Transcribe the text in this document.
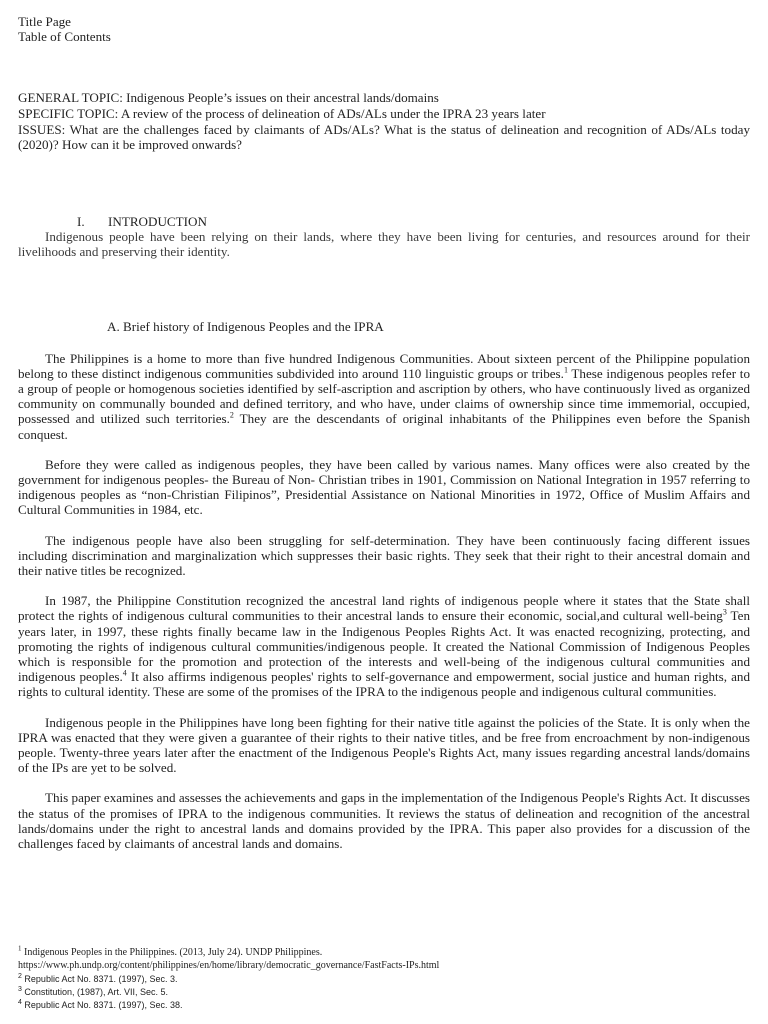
Title Page
Table of Contents
GENERAL TOPIC: Indigenous People’s issues on their ancestral lands/domains
SPECIFIC TOPIC: A review of the process of delineation of ADs/ALs under the IPRA 23 years later
ISSUES: What are the challenges faced by claimants of ADs/ALs? What is the status of delineation and recognition of ADs/ALs today (2020)? How can it be improved onwards?
I. INTRODUCTION

Indigenous people have been relying on their lands, where they have been living for centuries, and resources around for their livelihoods and preserving their identity.

A. Brief history of Indigenous Peoples and the IPRA

The Philippines is a home to more than five hundred Indigenous Communities. About sixteen percent of the Philippine population belong to these distinct indigenous communities subdivided into around 110 linguistic groups or tribes.$^1$ These indigenous peoples refer to a group of people or homogenous societies identified by self-ascription and ascription by others, who have continuously lived as organized community on communally bounded and defined territory, and who have, under claims of ownership since time immemorial, occupied, possessed and utilized such territories.$^2$ They are the descendants of original inhabitants of the Philippines even before the Spanish conquest.

Before they were called as indigenous peoples, they have been called by various names. Many offices were also created by the government for indigenous peoples- the Bureau of Non- Christian tribes in 1901, Commission on National Integration in 1957 referring to indigenous peoples as “non-Christian Filipinos”, Presidential Assistance on National Minorities in 1972, Office of Muslim Affairs and Cultural Communities in 1984, etc.

The indigenous people have also been struggling for self-determination. They have been continuously facing different issues including discrimination and marginalization which suppresses their basic rights. They seek that their right to their ancestral domain and their native titles be recognized.

In 1987, the Philippine Constitution recognized the ancestral land rights of indigenous people where it states that the State shall protect the rights of indigenous cultural communities to their ancestral lands to ensure their economic, social,and cultural well-being$^3$ Ten years later, in 1997, these rights finally became law in the Indigenous Peoples Rights Act. It was enacted recognizing, protecting, and promoting the rights of indigenous cultural communities/indigenous people. It created the National Commission of Indigenous Peoples which is responsible for the promotion and protection of the interests and well-being of the indigenous cultural communities and indigenous peoples.$^4$ It also affirms indigenous peoples' rights to self-governance and empowerment, social justice and human rights, and rights to cultural identity. These are some of the promises of the IPRA to the indigenous people and indigenous cultural communities.

Indigenous people in the Philippines have long been fighting for their native title against the policies of the State. It is only when the IPRA was enacted that they were given a guarantee of their rights to their native titles, and be free from encroachment by non-indigenous people. Twenty-three years later after the enactment of the Indigenous People's Rights Act, many issues regarding ancestral lands/domains of the IPs are yet to be solved.

This paper examines and assesses the achievements and gaps in the implementation of the Indigenous People's Rights Act. It discusses the status of the promises of IPRA to the indigenous communities. It reviews the status of delineation and recognition of the ancestral lands/domains under the right to ancestral lands and domains provided by the IPRA. This paper also provides for a discussion of the challenges faced by claimants of ancestral lands and domains.

$^1$ Indigenous Peoples in the Philippines. (2013, July 24). UNDP Philippines.
https://www.ph.undp.org/content/philippines/en/home/library/democratic_governance/FastFacts-IPs.html
$^2$ Republic Act No. 8371. (1997), Sec. 3.
$^3$ Constitution, (1987), Art. VII, Sec. 5.
$^4$ Republic Act No. 8371. (1997), Sec. 38.
